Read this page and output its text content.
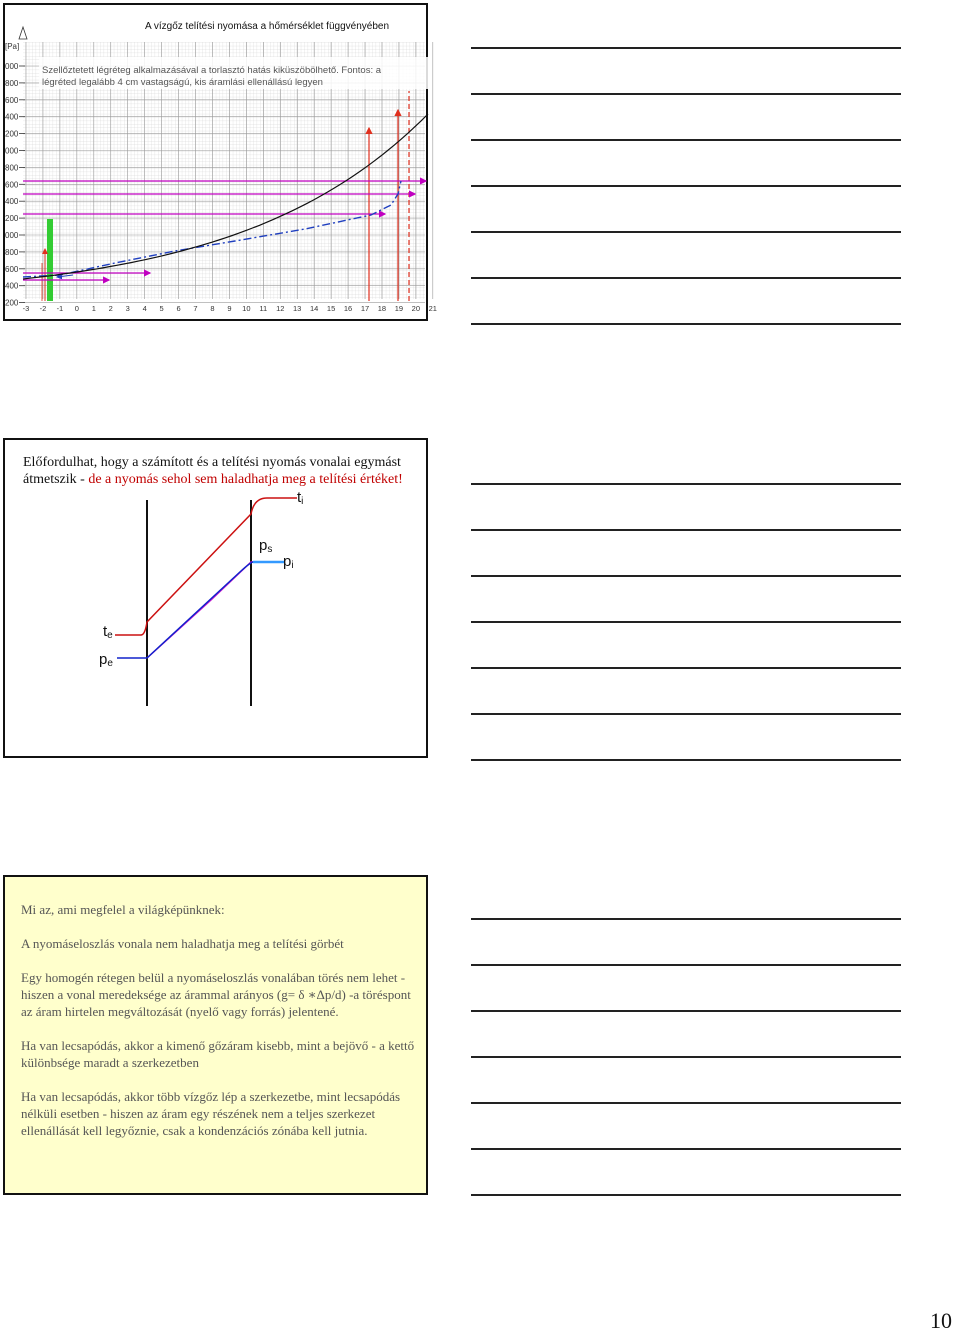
A vízgőz telítési nyomása a hőmérséklet függvényében
[Pa]
Szellőztetett légréteg alkalmazásával a torlasztó hatás kiküszöbölhető. Fontos: a
légréted legalább 4 cm vastagságú, kis áramlási ellenállású legyen
000
800
600
400
200
000
800
600
400
200
000
800
600
400
200
-3 -2 -1 0 1 2 3 4 5 6 7 8 9 10 11 12 13 14 15 16 17 18 19 20 21
Előfordulhat, hogy a számított és a telítési nyomás vonalai egymást átmetszik - de a nyomás sehol sem haladhatja meg a telítési értéket!
ti
ps
pi
te
pe

Mi az, ami megfelel a világképünknek:

A nyomáseloszlás vonala nem haladhatja meg a telítési görbét

Egy homogén rétegen belül a nyomáseloszlás vonalában törés nem lehet - hiszen a vonal meredeksége az árammal arányos (g= δ ∗Δp/d) -a töréspont az áram hirtelen megváltozását (nyelő vagy forrás) jelentené.

Ha van lecsapódás, akkor a kimenő gőzáram kisebb, mint a bejövő - a kettő különbsége maradt a szerkezetben

Ha van lecsapódás, akkor több vízgőz lép a szerkezetbe, mint lecsapódás nélküli esetben - hiszen az áram egy részének nem a teljes szerkezet ellenállását kell legyőznie, csak a kondenzációs zónába kell jutnia.

10
